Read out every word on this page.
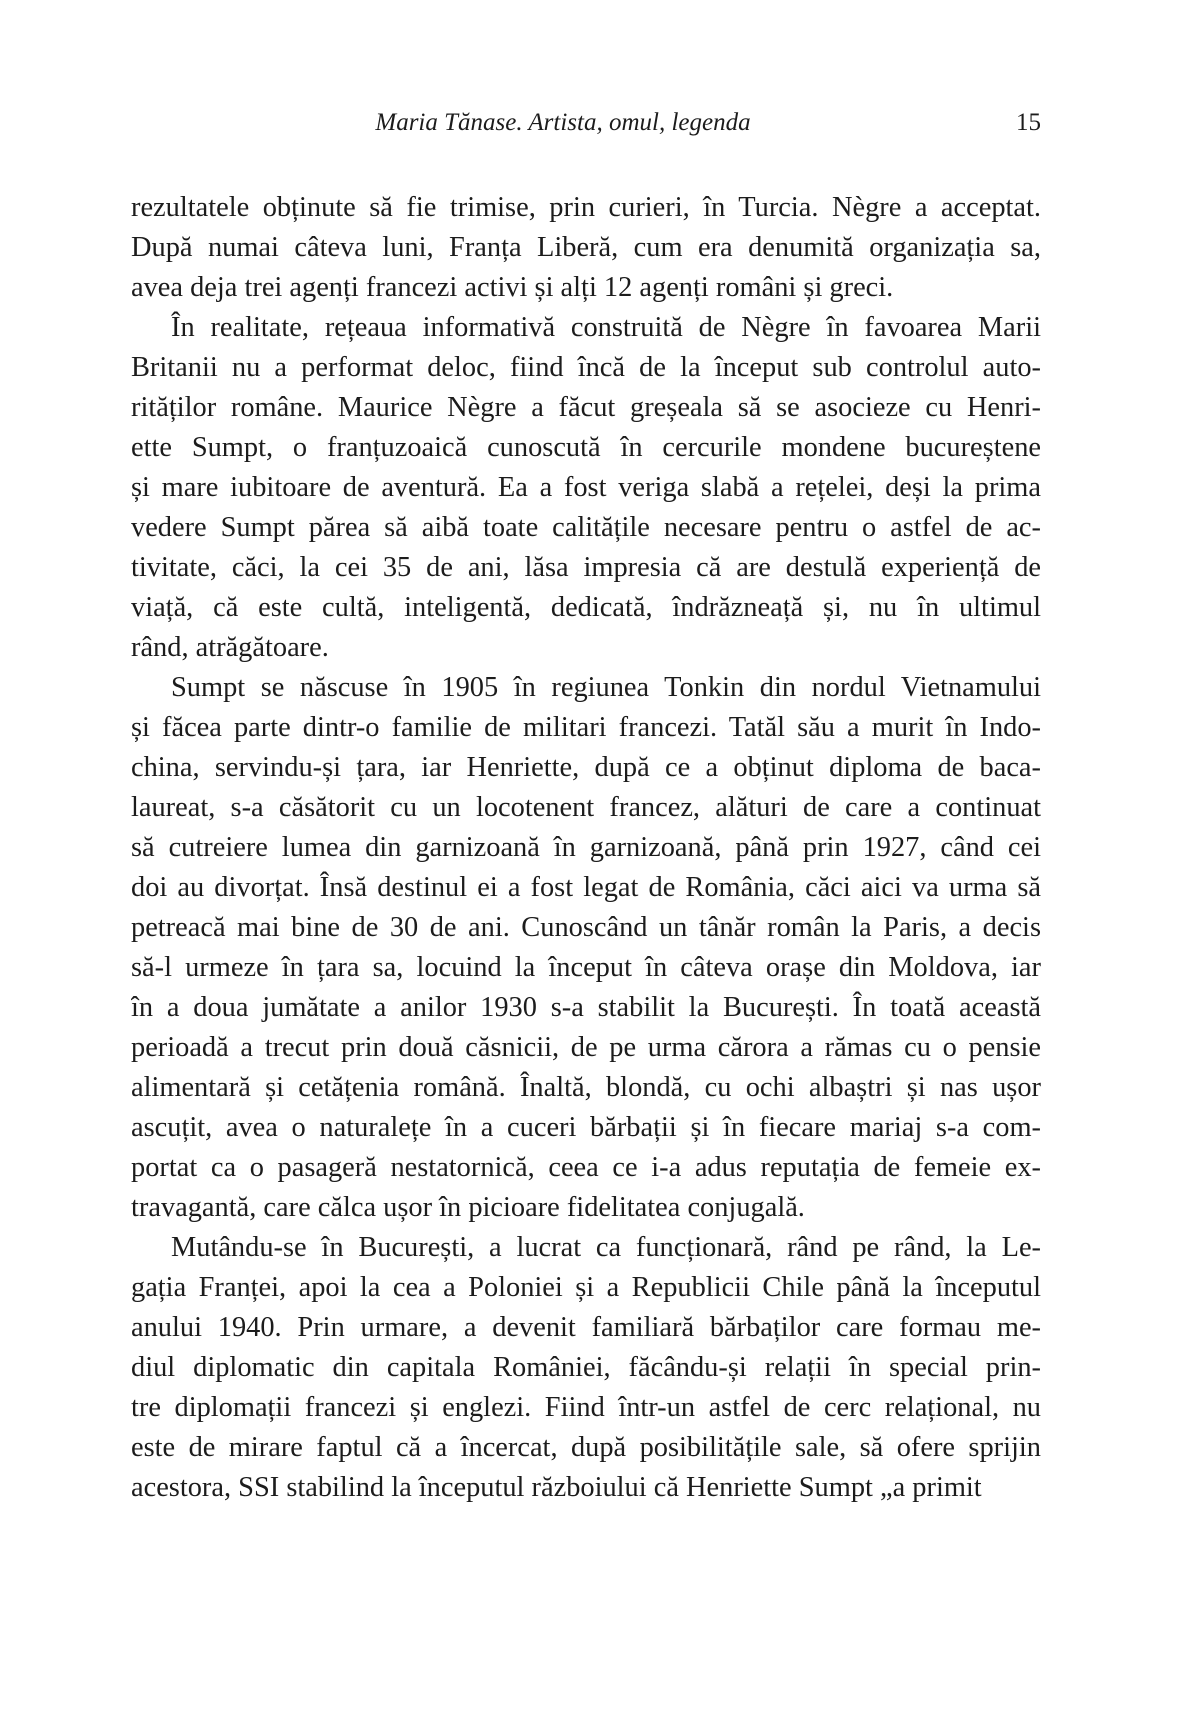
Maria Tănase. Artista, omul, legenda	15
rezultatele obținute să fie trimise, prin curieri, în Turcia. Nègre a acceptat.
După numai câteva luni, Franța Liberă, cum era denumită organizația sa,
avea deja trei agenți francezi activi și alți 12 agenți români și greci.
În realitate, rețeaua informativă construită de Nègre în favoarea Marii
Britanii nu a performat deloc, fiind încă de la început sub controlul auto-
rităților române. Maurice Nègre a făcut greșeala să se asocieze cu Henri-
ette Sumpt, o franțuzoaică cunoscută în cercurile mondene bucureștene
și mare iubitoare de aventură. Ea a fost veriga slabă a rețelei, deși la prima
vedere Sumpt părea să aibă toate calitățile necesare pentru o astfel de ac-
tivitate, căci, la cei 35 de ani, lăsa impresia că are destulă experiență de
viață, că este cultă, inteligentă, dedicată, îndrăzneață și, nu în ultimul
rând, atrăgătoare.
Sumpt se născuse în 1905 în regiunea Tonkin din nordul Vietnamului
și făcea parte dintr-o familie de militari francezi. Tatăl său a murit în Indo-
china, servindu-și țara, iar Henriette, după ce a obținut diploma de baca-
laureat, s-a căsătorit cu un locotenent francez, alături de care a continuat
să cutreiere lumea din garnizoană în garnizoană, până prin 1927, când cei
doi au divorțat. Însă destinul ei a fost legat de România, căci aici va urma să
petreacă mai bine de 30 de ani. Cunoscând un tânăr român la Paris, a decis
să-l urmeze în țara sa, locuind la început în câteva orașe din Moldova, iar
în a doua jumătate a anilor 1930 s-a stabilit la București. În toată această
perioadă a trecut prin două căsnicii, de pe urma cărora a rămas cu o pensie
alimentară și cetățenia română. Înaltă, blondă, cu ochi albaștri și nas ușor
ascuțit, avea o naturalețe în a cuceri bărbații și în fiecare mariaj s-a com-
portat ca o pasageră nestatornică, ceea ce i-a adus reputația de femeie ex-
travagantă, care călca ușor în picioare fidelitatea conjugală.
Mutându-se în București, a lucrat ca funcționară, rând pe rând, la Le-
gația Franței, apoi la cea a Poloniei și a Republicii Chile până la începutul
anului 1940. Prin urmare, a devenit familiară bărbaților care formau me-
diul diplomatic din capitala României, făcându-și relații în special prin-
tre diplomații francezi și englezi. Fiind într-un astfel de cerc relațional, nu
este de mirare faptul că a încercat, după posibilitățile sale, să ofere sprijin
acestora, SSI stabilind la începutul războiului că Henriette Sumpt „a primit
